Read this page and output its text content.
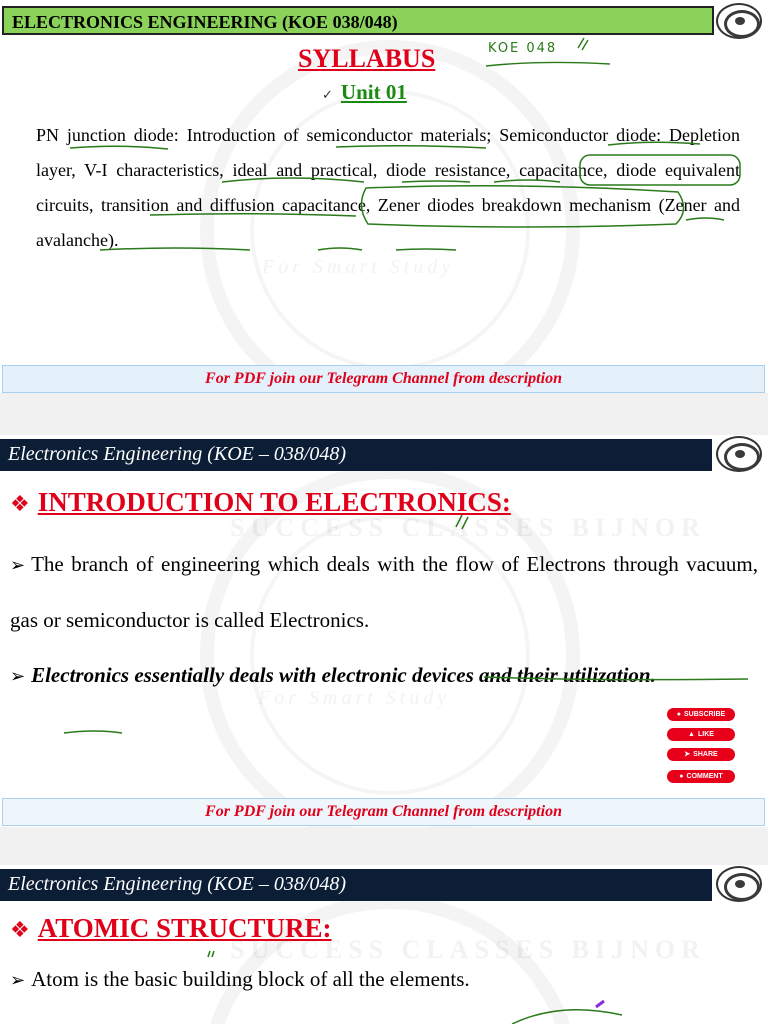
For Smart Study
ELECTRONICS ENGINEERING (KOE 038/048)
SYLLABUS	KOE 048
✓ Unit 01
PN junction diode: Introduction of semiconductor materials; Semiconductor diode: Depletion layer, V-I characteristics, ideal and practical, diode resistance, capacitance, diode equivalent circuits, transition and diffusion capacitance, Zener diodes breakdown mechanism (Zener and avalanche).
For PDF join our Telegram Channel from description
SUCCESS CLASSES BIJNOR
For Smart Study
Electronics Engineering (KOE – 038/048)
❖ INTRODUCTION TO ELECTRONICS:
➢ The branch of engineering which deals with the flow of Electrons through vacuum, gas or semiconductor is called Electronics.
➢ Electronics essentially deals with electronic devices and their utilization.
● SUBSCRIBE
▲ LIKE
➤ SHARE
● COMMENT
For PDF join our Telegram Channel from description
SUCCESS CLASSES BIJNOR
Electronics Engineering (KOE – 038/048)
❖ ATOMIC STRUCTURE:
➢ Atom is the basic building block of all the elements.
